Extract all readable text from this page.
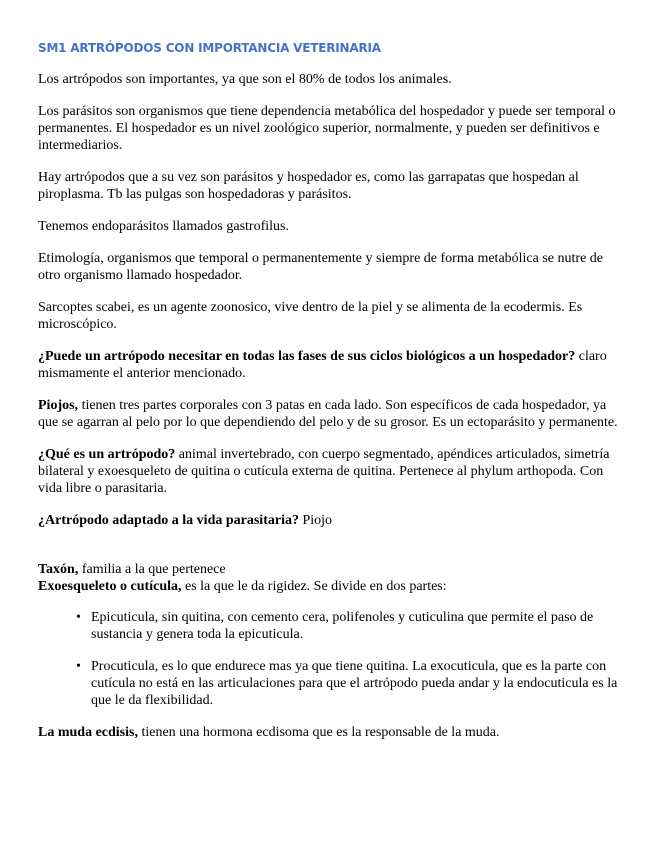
SM1 ARTRÓPODOS CON IMPORTANCIA VETERINARIA

Los artrópodos son importantes, ya que son el 80% de todos los animales.

Los parásitos son organismos que tiene dependencia metabólica del hospedador y puede ser temporal o permanentes. El hospedador es un nivel zoológico superior, normalmente, y pueden ser definitivos e intermediarios.

Hay artrópodos que a su vez son parásitos y hospedador es, como las garrapatas que hospedan al piroplasma. Tb las pulgas son hospedadoras y parásitos.

Tenemos endoparásitos llamados gastrofilus.

Etimología, organismos que temporal o permanentemente y siempre de forma metabólica se nutre de otro organismo llamado hospedador.

Sarcoptes scabei, es un agente zoonosico, vive dentro de la piel y se alimenta de la ecodermis. Es microscópico.

¿Puede un artrópodo necesitar en todas las fases de sus ciclos biológicos a un hospedador? claro mismamente el anterior mencionado.

Piojos, tienen tres partes corporales con 3 patas en cada lado. Son específicos de cada hospedador, ya que se agarran al pelo por lo que dependiendo del pelo y de su grosor. Es un ectoparásito y permanente.

¿Qué es un artrópodo? animal invertebrado, con cuerpo segmentado, apéndices articulados, simetría bilateral y exoesqueleto de quitina o cutícula externa de quitina. Pertenece al phylum arthopoda. Con vida libre o parasitaria.

¿Artrópodo adaptado a la vida parasitaria? Piojo

Taxón, familia a la que pertenece

Exoesqueleto o cutícula, es la que le da rigidez. Se divide en dos partes:

• Epicuticula, sin quitina, con cemento cera, polifenoles y cuticulina que permite el paso de sustancia y genera toda la epicuticula.
• Procuticula, es lo que endurece mas ya que tiene quitina. La exocuticula, que es la parte con cutícula no está en las articulaciones para que el artrópodo pueda andar y la endocuticula es la que le da flexibilidad.

La muda ecdisis, tienen una hormona ecdisoma que es la responsable de la muda.
